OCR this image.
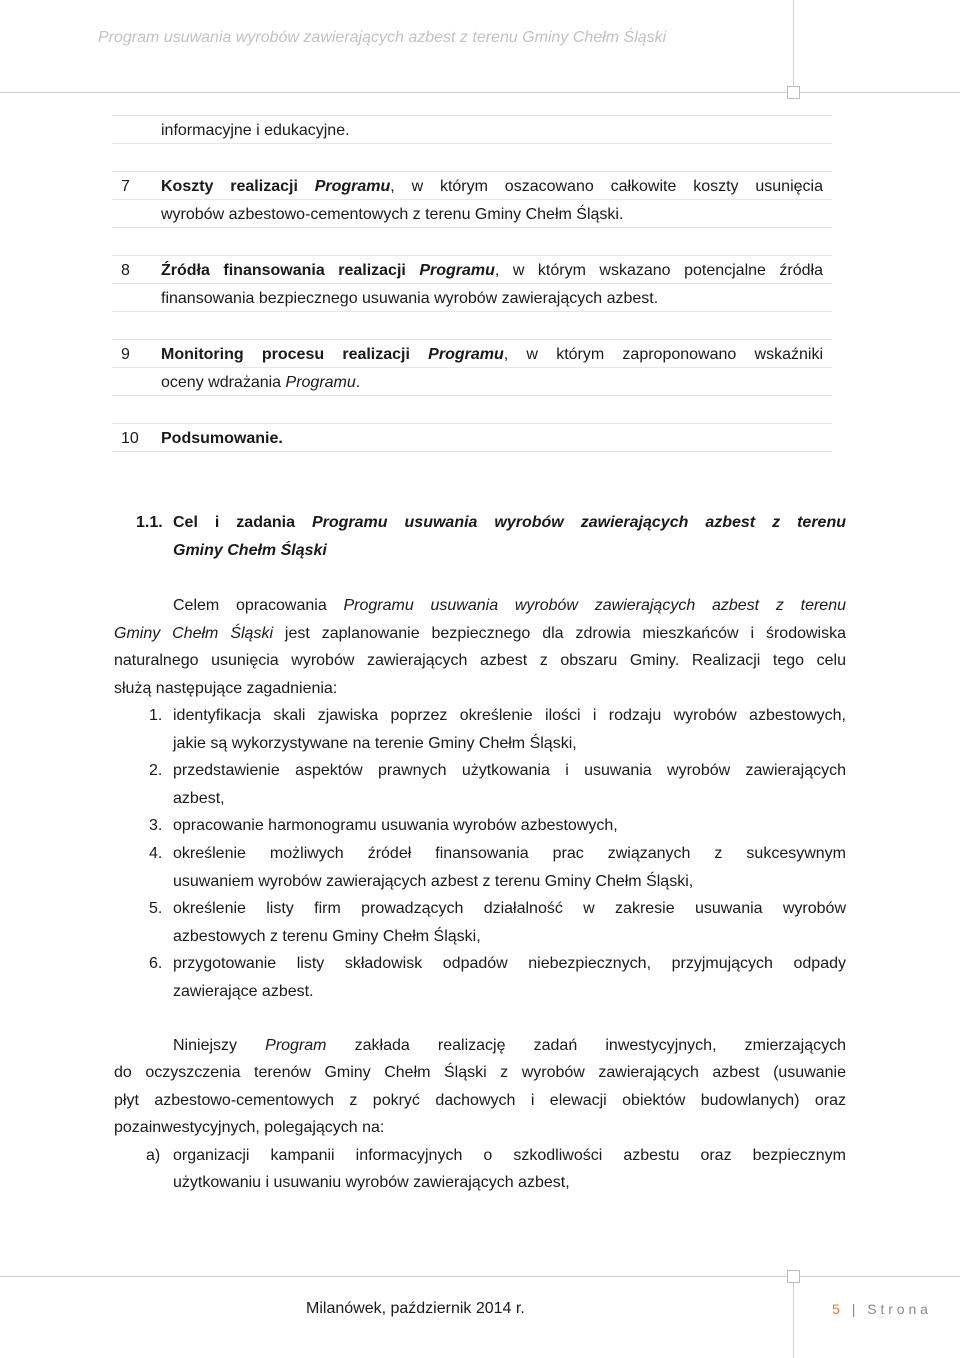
Program usuwania wyrobów zawierających azbest z terenu Gminy Chełm Śląski
informacyjne i edukacyjne.
7 Koszty realizacji Programu, w którym oszacowano całkowite koszty usunięcia
wyrobów azbestowo-cementowych z terenu Gminy Chełm Śląski.
8 Źródła finansowania realizacji Programu, w którym wskazano potencjalne źródła
finansowania bezpiecznego usuwania wyrobów zawierających azbest.
9 Monitoring procesu realizacji Programu, w którym zaproponowano wskaźniki
oceny wdrażania Programu.
10 Podsumowanie.
1.1. Cel i zadania Programu usuwania wyrobów zawierających azbest z terenu
Gminy Chełm Śląski
Celem opracowania Programu usuwania wyrobów zawierających azbest z terenu
Gminy Chełm Śląski jest zaplanowanie bezpiecznego dla zdrowia mieszkańców i środowiska
naturalnego usunięcia wyrobów zawierających azbest z obszaru Gminy. Realizacji tego celu
służą następujące zagadnienia:
1. identyfikacja skali zjawiska poprzez określenie ilości i rodzaju wyrobów azbestowych,
jakie są wykorzystywane na terenie Gminy Chełm Śląski,
2. przedstawienie aspektów prawnych użytkowania i usuwania wyrobów zawierających
azbest,
3. opracowanie harmonogramu usuwania wyrobów azbestowych,
4. określenie możliwych źródeł finansowania prac związanych z sukcesywnym
usuwaniem wyrobów zawierających azbest z terenu Gminy Chełm Śląski,
5. określenie listy firm prowadzących działalność w zakresie usuwania wyrobów
azbestowych z terenu Gminy Chełm Śląski,
6. przygotowanie listy składowisk odpadów niebezpiecznych, przyjmujących odpady
zawierające azbest.
Niniejszy Program zakłada realizację zadań inwestycyjnych, zmierzających
do oczyszczenia terenów Gminy Chełm Śląski z wyrobów zawierających azbest (usuwanie
płyt azbestowo-cementowych z pokryć dachowych i elewacji obiektów budowlanych) oraz
pozainwestycyjnych, polegających na:
a) organizacji kampanii informacyjnych o szkodliwości azbestu oraz bezpiecznym
użytkowaniu i usuwaniu wyrobów zawierających azbest,
Milanówek, październik 2014 r.	5 | S t r o n a
